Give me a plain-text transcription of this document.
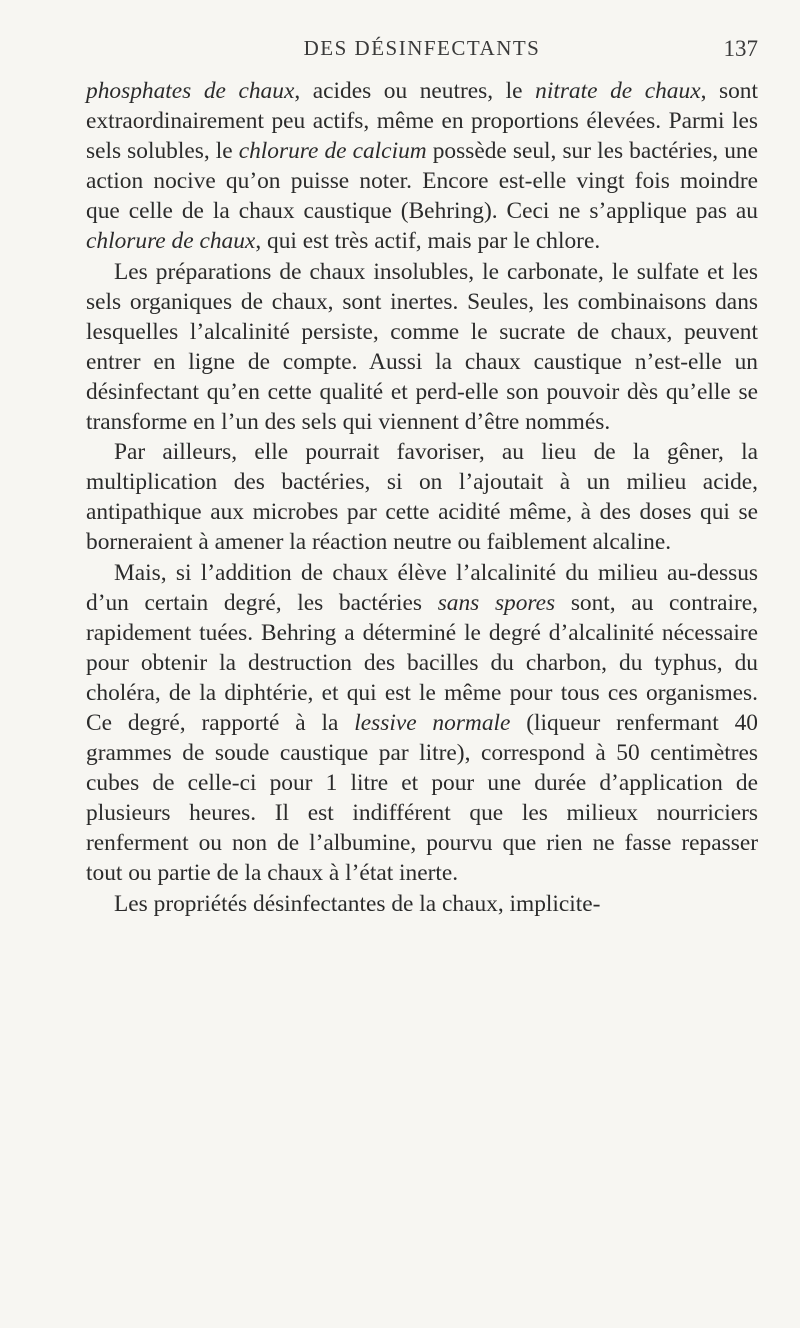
DES DÉSINFECTANTS	137

phosphates de chaux, acides ou neutres, le nitrate de chaux, sont extraordinairement peu actifs, même en proportions élevées. Parmi les sels solubles, le chlorure de calcium possède seul, sur les bactéries, une action nocive qu’on puisse noter. Encore est-elle vingt fois moindre que celle de la chaux caustique (Behring). Ceci ne s’applique pas au chlorure de chaux, qui est très actif, mais par le chlore.

Les préparations de chaux insolubles, le carbonate, le sulfate et les sels organiques de chaux, sont inertes. Seules, les combinaisons dans lesquelles l’alcalinité persiste, comme le sucrate de chaux, peuvent entrer en ligne de compte. Aussi la chaux caustique n’est-elle un désinfectant qu’en cette qualité et perd-elle son pouvoir dès qu’elle se transforme en l’un des sels qui viennent d’être nommés.

Par ailleurs, elle pourrait favoriser, au lieu de la gêner, la multiplication des bactéries, si on l’ajoutait à un milieu acide, antipathique aux microbes par cette acidité même, à des doses qui se borneraient à amener la réaction neutre ou faiblement alcaline.

Mais, si l’addition de chaux élève l’alcalinité du milieu au-dessus d’un certain degré, les bactéries sans spores sont, au contraire, rapidement tuées. Behring a déterminé le degré d’alcalinité nécessaire pour obtenir la destruction des bacilles du charbon, du typhus, du choléra, de la diphtérie, et qui est le même pour tous ces organismes. Ce degré, rapporté à la lessive normale (liqueur renfermant 40 grammes de soude caustique par litre), correspond à 50 centimètres cubes de celle-ci pour 1 litre et pour une durée d’application de plusieurs heures. Il est indifférent que les milieux nourriciers renferment ou non de l’albumine, pourvu que rien ne fasse repasser tout ou partie de la chaux à l’état inerte.

Les propriétés désinfectantes de la chaux, implicite-
